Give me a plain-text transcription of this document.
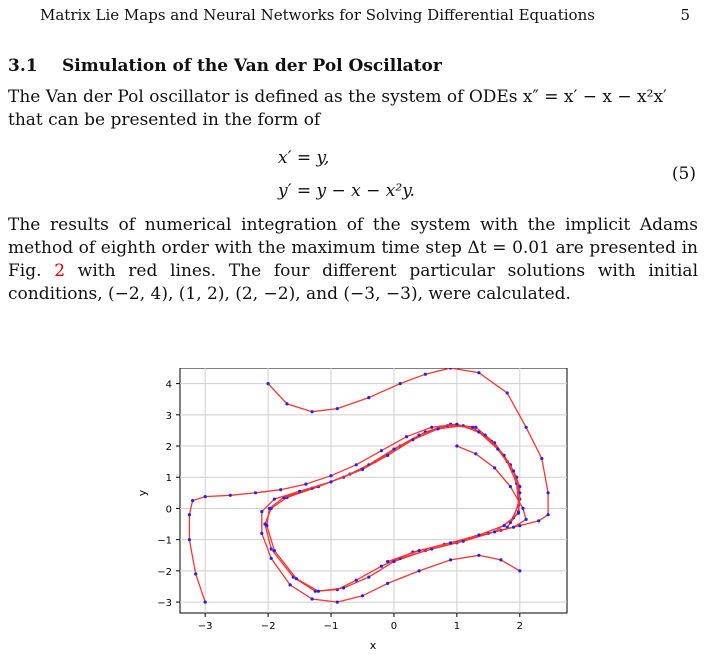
Matrix Lie Maps and Neural Networks for Solving Differential Equations	5
3.1 Simulation of the Van der Pol Oscillator
The Van der Pol oscillator is defined as the system of ODEs x″ = x′ − x − x²x′
that can be presented in the form of
x′ = y,
y′ = y − x − x²y.
(5)
The results of numerical integration of the system with the implicit Adams method of eighth order with the maximum time step Δt = 0.01 are presented in Fig. 2 with red lines. The four different particular solutions with initial conditions, (−2, 4), (1, 2), (2, −2), and (−3, −3), were calculated.
−3	−2	−1	0	1	2
−3
−2
−1
0
1
2
3
4
x
y
